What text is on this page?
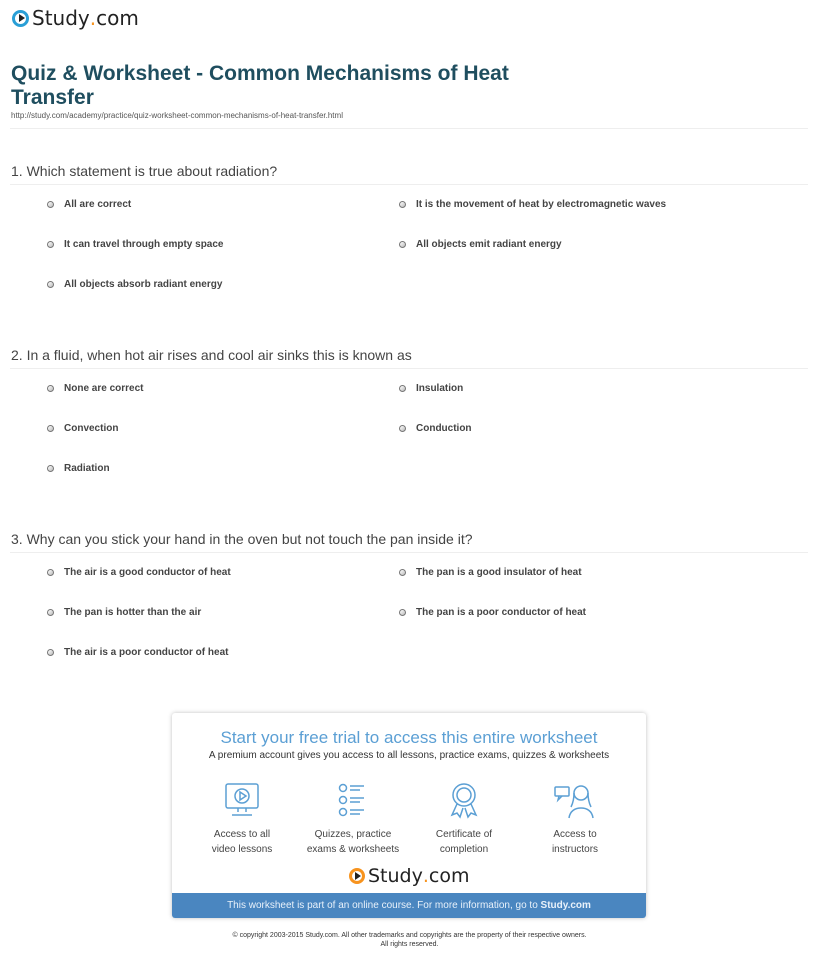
Study . com
Quiz & Worksheet - Common Mechanisms of Heat Transfer
http://study.com/academy/practice/quiz-worksheet-common-mechanisms-of-heat-transfer.html
1. Which statement is true about radiation?
All are correct	It is the movement of heat by electromagnetic waves
It can travel through empty space	All objects emit radiant energy
All objects absorb radiant energy
2. In a fluid, when hot air rises and cool air sinks this is known as
None are correct	Insulation
Convection	Conduction
Radiation
3. Why can you stick your hand in the oven but not touch the pan inside it?
The air is a good conductor of heat	The pan is a good insulator of heat
The pan is hotter than the air	The pan is a poor conductor of heat
The air is a poor conductor of heat
Start your free trial to access this entire worksheet
A premium account gives you access to all lessons, practice exams, quizzes & worksheets
Access to all
video lessons
Quizzes, practice
exams & worksheets
Certificate of
completion
Access to
instructors
Study . com
This worksheet is part of an online course. For more information, go to Study.com
© copyright 2003-2015 Study.com. All other trademarks and copyrights are the property of their respective owners.
All rights reserved.
